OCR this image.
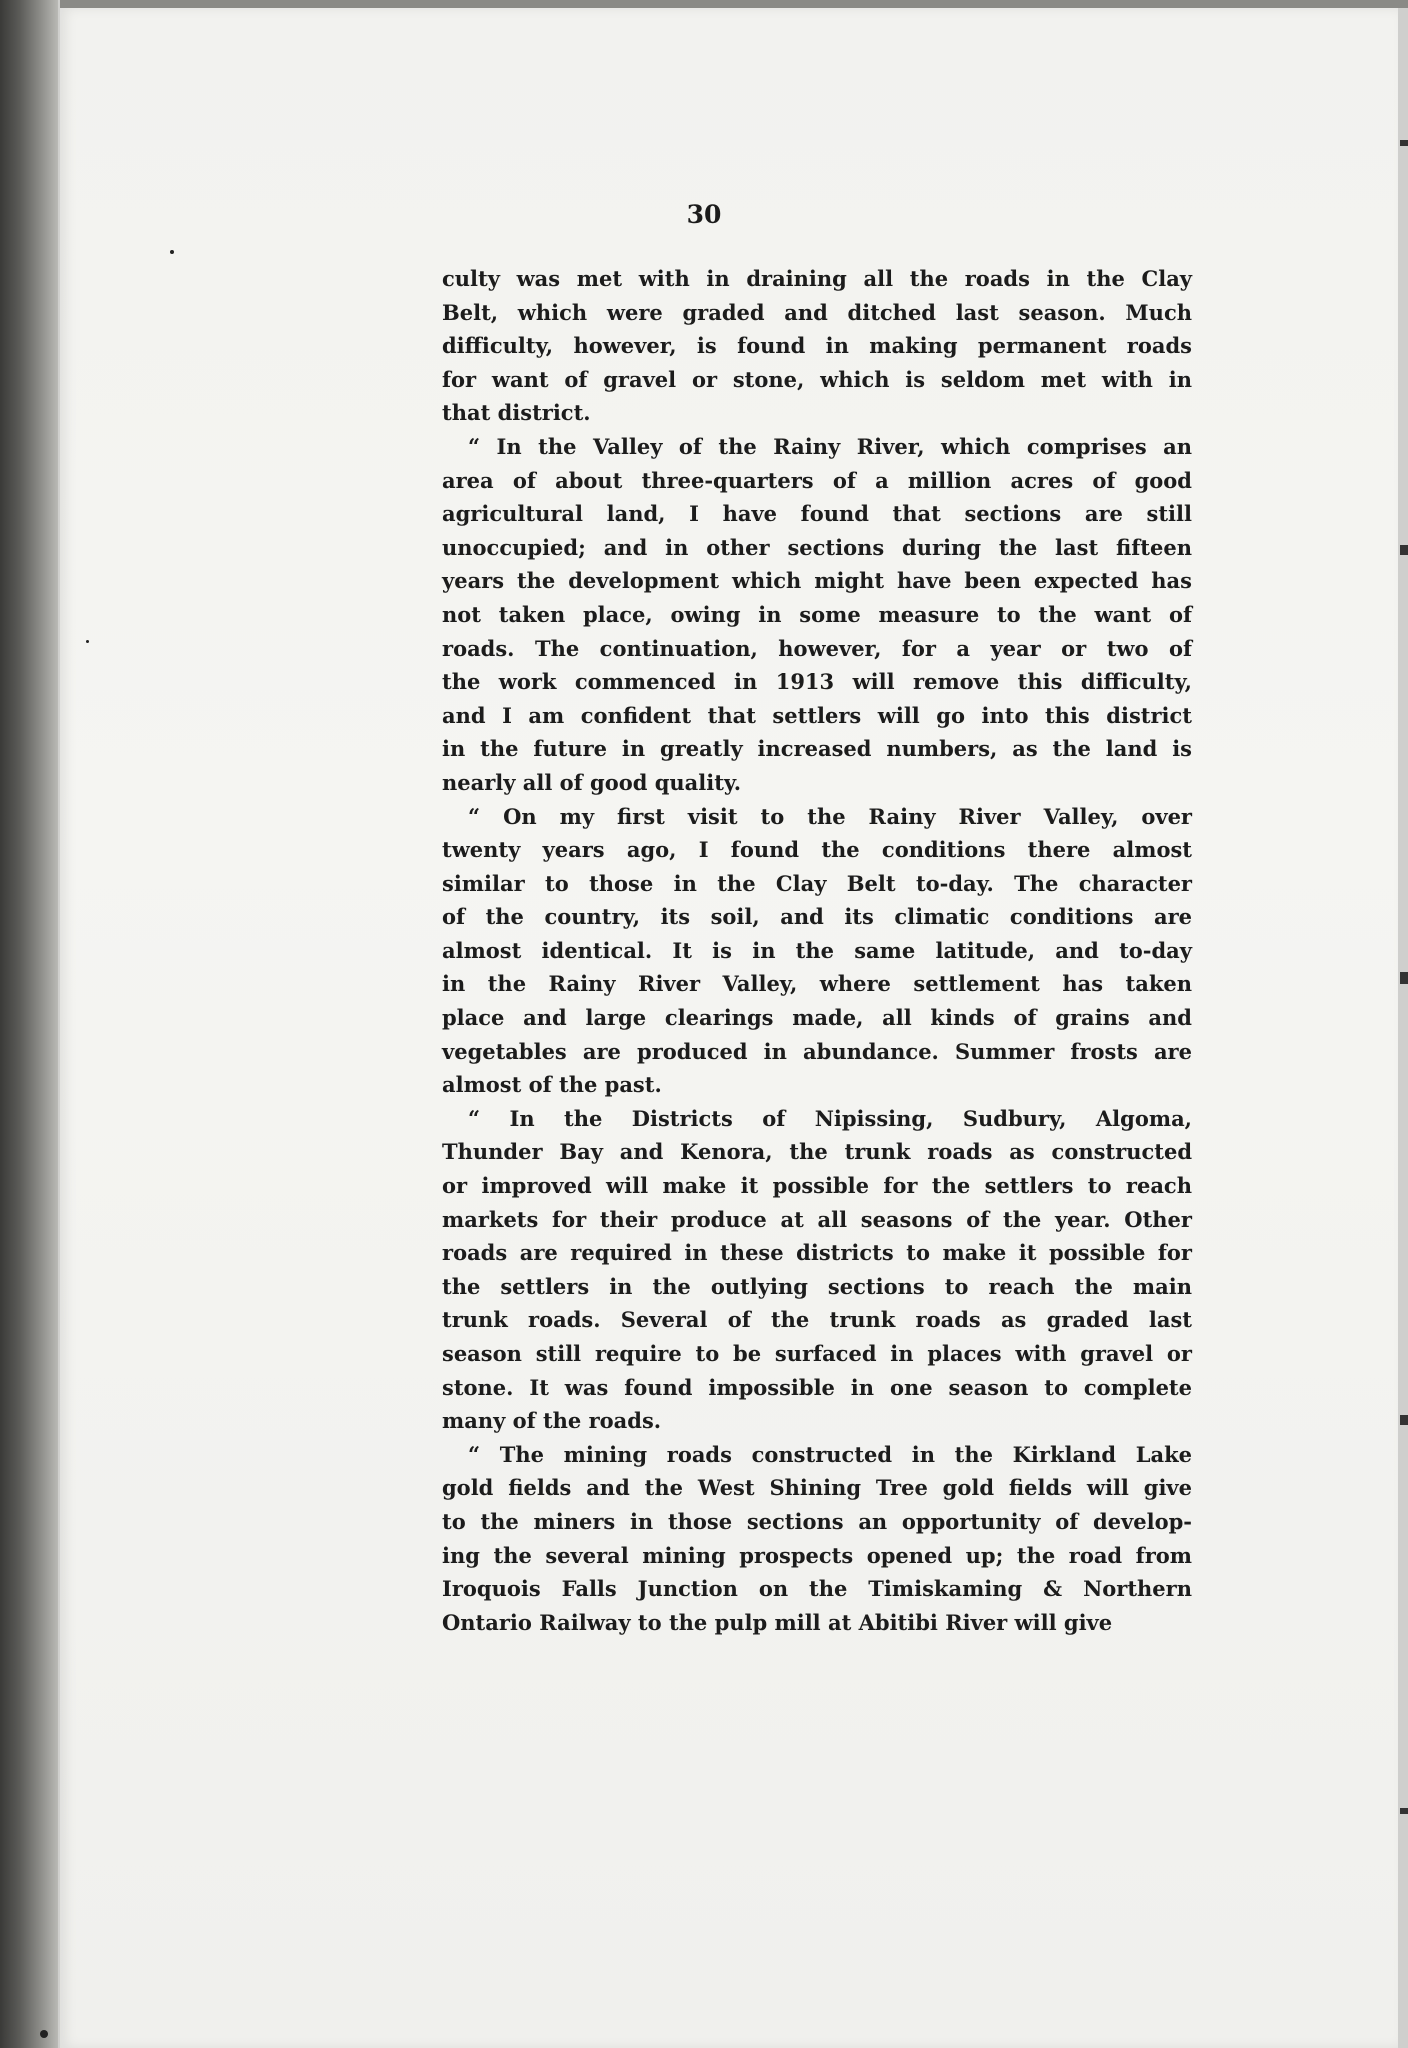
30

culty was met with in draining all the roads in the Clay
Belt, which were graded and ditched last season. Much
difficulty, however, is found in making permanent roads
for want of gravel or stone, which is seldom met with in
that district.

“ In the Valley of the Rainy River, which comprises an
area of about three-quarters of a million acres of good
agricultural land, I have found that sections are still
unoccupied; and in other sections during the last fifteen
years the development which might have been expected has
not taken place, owing in some measure to the want of
roads. The continuation, however, for a year or two of
the work commenced in 1913 will remove this difficulty,
and I am confident that settlers will go into this district
in the future in greatly increased numbers, as the land is
nearly all of good quality.

“ On my first visit to the Rainy River Valley, over
twenty years ago, I found the conditions there almost
similar to those in the Clay Belt to-day. The character
of the country, its soil, and its climatic conditions are
almost identical. It is in the same latitude, and to-day
in the Rainy River Valley, where settlement has taken
place and large clearings made, all kinds of grains and
vegetables are produced in abundance. Summer frosts are
almost of the past.

“ In the Districts of Nipissing, Sudbury, Algoma,
Thunder Bay and Kenora, the trunk roads as constructed
or improved will make it possible for the settlers to reach
markets for their produce at all seasons of the year. Other
roads are required in these districts to make it possible for
the settlers in the outlying sections to reach the main
trunk roads. Several of the trunk roads as graded last
season still require to be surfaced in places with gravel or
stone. It was found impossible in one season to complete
many of the roads.

“ The mining roads constructed in the Kirkland Lake
gold fields and the West Shining Tree gold fields will give
to the miners in those sections an opportunity of develop-
ing the several mining prospects opened up; the road from
Iroquois Falls Junction on the Timiskaming & Northern
Ontario Railway to the pulp mill at Abitibi River will give
